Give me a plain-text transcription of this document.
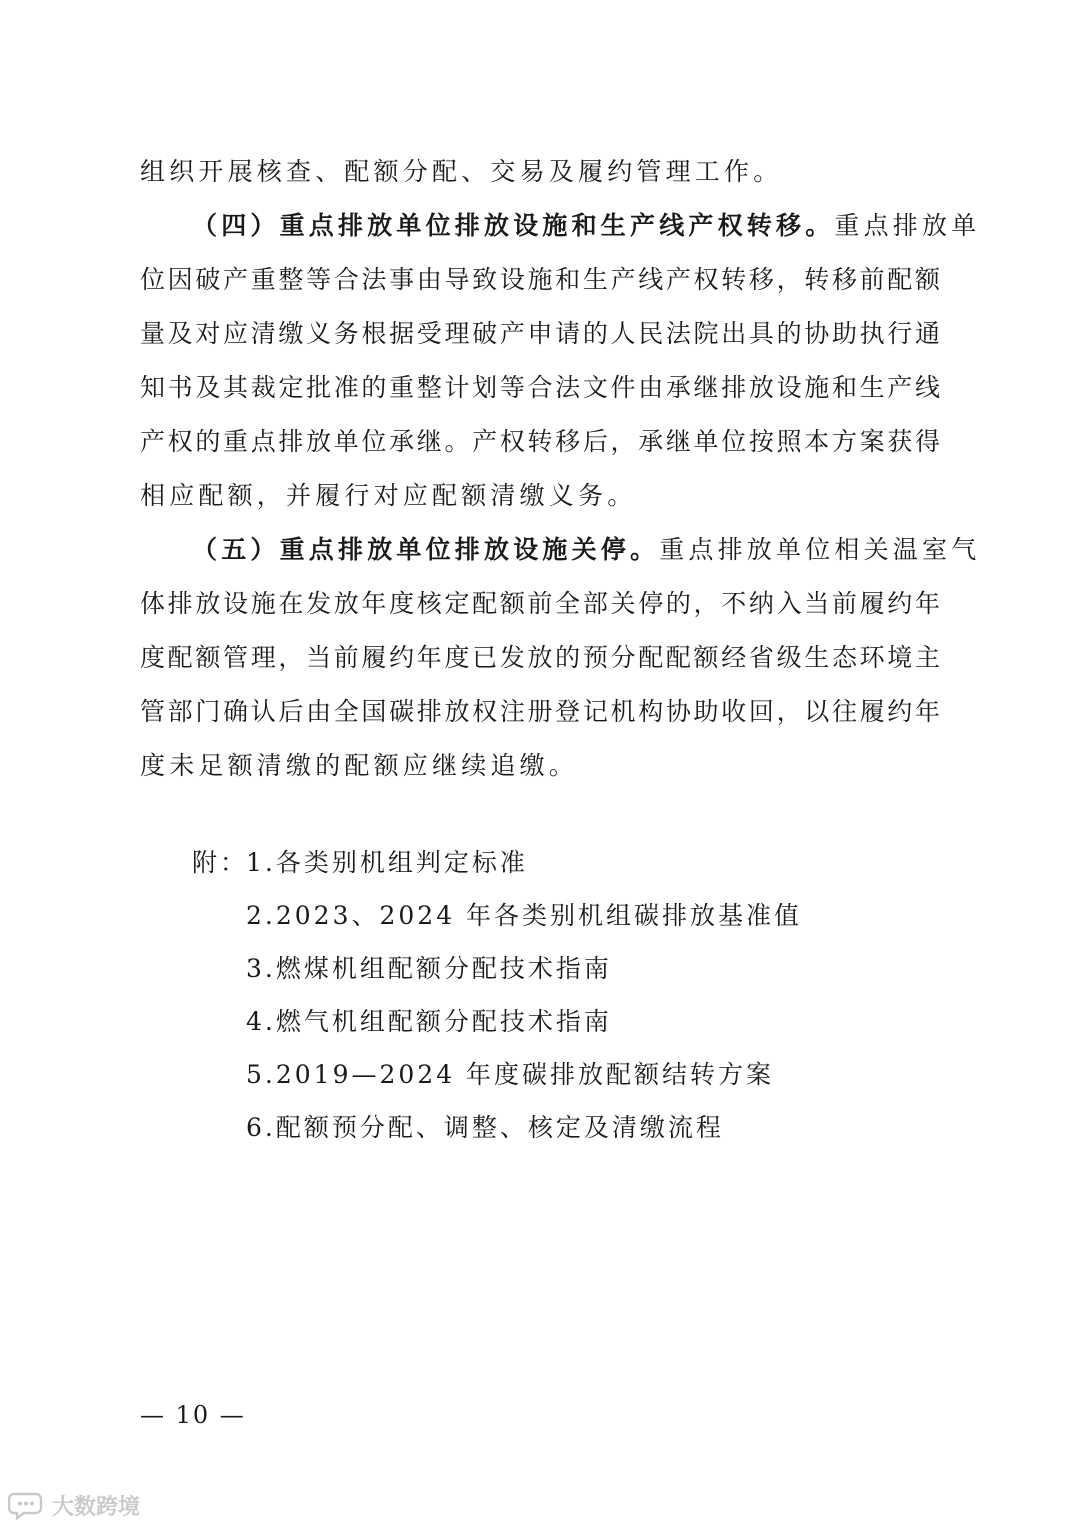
组织开展核查、配额分配、交易及履约管理工作。
（四）重点排放单位排放设施和生产线产权转移。重点排放单
位因破产重整等合法事由导致设施和生产线产权转移，转移前配额
量及对应清缴义务根据受理破产申请的人民法院出具的协助执行通
知书及其裁定批准的重整计划等合法文件由承继排放设施和生产线
产权的重点排放单位承继。产权转移后，承继单位按照本方案获得
相应配额，并履行对应配额清缴义务。
（五）重点排放单位排放设施关停。重点排放单位相关温室气
体排放设施在发放年度核定配额前全部关停的，不纳入当前履约年
度配额管理，当前履约年度已发放的预分配配额经省级生态环境主
管部门确认后由全国碳排放权注册登记机构协助收回，以往履约年
度未足额清缴的配额应继续追缴。
附：
1.各类别机组判定标准
2.2023、2024 年各类别机组碳排放基准值
3.燃煤机组配额分配技术指南
4.燃气机组配额分配技术指南
5.2019—2024 年度碳排放配额结转方案
6.配额预分配、调整、核定及清缴流程
— 10 —
大数跨境
